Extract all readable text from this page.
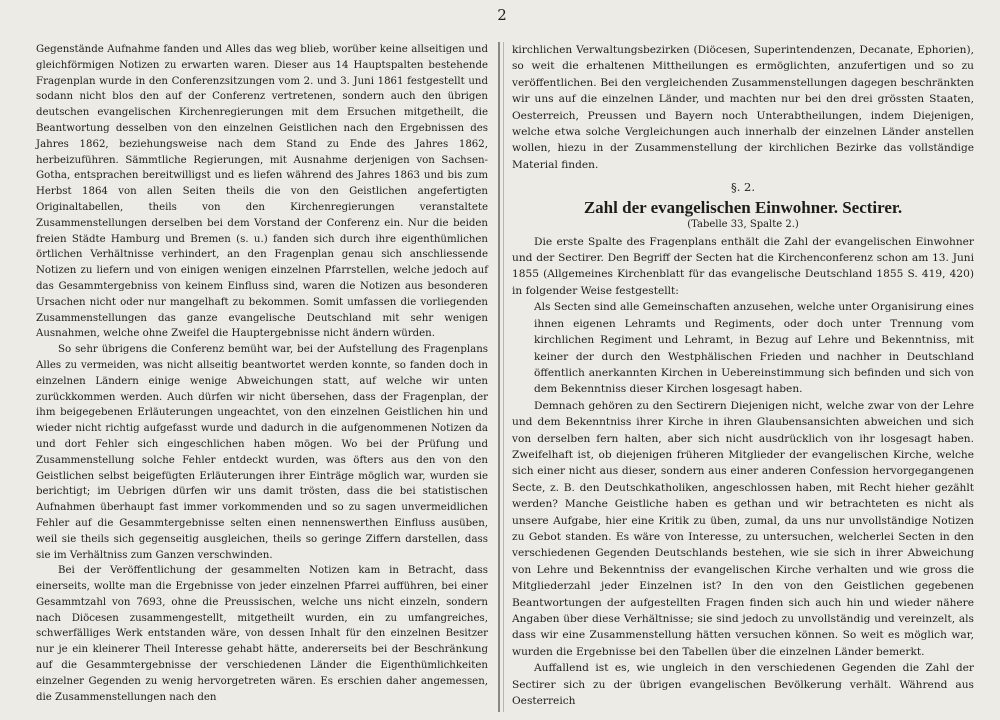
2

Gegenstände Aufnahme fanden und Alles das weg blieb, worüber keine allseitigen und gleichförmigen Notizen zu erwarten waren. Dieser aus 14 Hauptspalten bestehende Fragenplan wurde in den Conferenzsitzungen vom 2. und 3. Juni 1861 festgestellt und sodann nicht blos den auf der Conferenz vertretenen, sondern auch den übrigen deutschen evangelischen Kirchenregierungen mit dem Ersuchen mitgetheilt, die Beantwortung desselben von den einzelnen Geistlichen nach den Ergebnissen des Jahres 1862, beziehungsweise nach dem Stand zu Ende des Jahres 1862, herbeizuführen. Sämmtliche Regierungen, mit Ausnahme derjenigen von Sachsen-Gotha, entsprachen bereitwilligst und es liefen während des Jahres 1863 und bis zum Herbst 1864 von allen Seiten theils die von den Geistlichen angefertigten Originaltabellen, theils von den Kirchenregierungen veranstaltete Zusammenstellungen derselben bei dem Vorstand der Conferenz ein. Nur die beiden freien Städte Hamburg und Bremen (s. u.) fanden sich durch ihre eigenthümlichen örtlichen Verhältnisse verhindert, an den Fragenplan genau sich anschliessende Notizen zu liefern und von einigen wenigen einzelnen Pfarrstellen, welche jedoch auf das Gesammtergebniss von keinem Einfluss sind, waren die Notizen aus besonderen Ursachen nicht oder nur mangelhaft zu bekommen. Somit umfassen die vorliegenden Zusammenstellungen das ganze evangelische Deutschland mit sehr wenigen Ausnahmen, welche ohne Zweifel die Hauptergebnisse nicht ändern würden.

So sehr übrigens die Conferenz bemüht war, bei der Aufstellung des Fragenplans Alles zu vermeiden, was nicht allseitig beantwortet werden konnte, so fanden doch in einzelnen Ländern einige wenige Abweichungen statt, auf welche wir unten zurückkommen werden. Auch dürfen wir nicht übersehen, dass der Fragenplan, der ihm beigegebenen Erläuterungen ungeachtet, von den einzelnen Geistlichen hin und wieder nicht richtig aufgefasst wurde und dadurch in die aufgenommenen Notizen da und dort Fehler sich eingeschlichen haben mögen. Wo bei der Prüfung und Zusammenstellung solche Fehler entdeckt wurden, was öfters aus den von den Geistlichen selbst beigefügten Erläuterungen ihrer Einträge möglich war, wurden sie berichtigt; im Uebrigen dürfen wir uns damit trösten, dass die bei statistischen Aufnahmen überhaupt fast immer vorkommenden und so zu sagen unvermeidlichen Fehler auf die Gesammtergebnisse selten einen nennenswerthen Einfluss ausüben, weil sie theils sich gegenseitig ausgleichen, theils so geringe Ziffern darstellen, dass sie im Verhältniss zum Ganzen verschwinden.

Bei der Veröffentlichung der gesammelten Notizen kam in Betracht, dass einerseits, wollte man die Ergebnisse von jeder einzelnen Pfarrei aufführen, bei einer Gesammtzahl von 7693, ohne die Preussischen, welche uns nicht einzeln, sondern nach Diöcesen zusammengestellt, mitgetheilt wurden, ein zu umfangreiches, schwerfälliges Werk entstanden wäre, von dessen Inhalt für den einzelnen Besitzer nur je ein kleinerer Theil Interesse gehabt hätte, andererseits bei der Beschränkung auf die Gesammtergebnisse der verschiedenen Länder die Eigenthümlichkeiten einzelner Gegenden zu wenig hervorgetreten wären. Es erschien daher angemessen, die Zusammenstellungen nach den

kirchlichen Verwaltungsbezirken (Diöcesen, Superintendenzen, Decanate, Ephorien), so weit die erhaltenen Mittheilungen es ermöglichten, anzufertigen und so zu veröffentlichen. Bei den vergleichenden Zusammenstellungen dagegen beschränkten wir uns auf die einzelnen Länder, und machten nur bei den drei grössten Staaten, Oesterreich, Preussen und Bayern noch Unterabtheilungen, indem Diejenigen, welche etwa solche Vergleichungen auch innerhalb der einzelnen Länder anstellen wollen, hiezu in der Zusammenstellung der kirchlichen Bezirke das vollständige Material finden.

§. 2.
Zahl der evangelischen Einwohner. Sectirer.
(Tabelle 33, Spalte 2.)

Die erste Spalte des Fragenplans enthält die Zahl der evangelischen Einwohner und der Sectirer. Den Begriff der Secten hat die Kirchenconferenz schon am 13. Juni 1855 (Allgemeines Kirchenblatt für das evangelische Deutschland 1855 S. 419, 420) in folgender Weise festgestellt:

Als Secten sind alle Gemeinschaften anzusehen, welche unter Organisirung eines ihnen eigenen Lehramts und Regiments, oder doch unter Trennung vom kirchlichen Regiment und Lehramt, in Bezug auf Lehre und Bekenntniss, mit keiner der durch den Westphälischen Frieden und nachher in Deutschland öffentlich anerkannten Kirchen in Uebereinstimmung sich befinden und sich von dem Bekenntniss dieser Kirchen losgesagt haben.

Demnach gehören zu den Sectirern Diejenigen nicht, welche zwar von der Lehre und dem Bekenntniss ihrer Kirche in ihren Glaubensansichten abweichen und sich von derselben fern halten, aber sich nicht ausdrücklich von ihr losgesagt haben. Zweifelhaft ist, ob diejenigen früheren Mitglieder der evangelischen Kirche, welche sich einer nicht aus dieser, sondern aus einer anderen Confession hervorgegangenen Secte, z. B. den Deutschkatholiken, angeschlossen haben, mit Recht hieher gezählt werden? Manche Geistliche haben es gethan und wir betrachteten es nicht als unsere Aufgabe, hier eine Kritik zu üben, zumal, da uns nur unvollständige Notizen zu Gebot standen. Es wäre von Interesse, zu untersuchen, welcherlei Secten in den verschiedenen Gegenden Deutschlands bestehen, wie sie sich in ihrer Abweichung von Lehre und Bekenntniss der evangelischen Kirche verhalten und wie gross die Mitgliederzahl jeder Einzelnen ist? In den von den Geistlichen gegebenen Beantwortungen der aufgestellten Fragen finden sich auch hin und wieder nähere Angaben über diese Verhältnisse; sie sind jedoch zu unvollständig und vereinzelt, als dass wir eine Zusammenstellung hätten versuchen können. So weit es möglich war, wurden die Ergebnisse bei den Tabellen über die einzelnen Länder bemerkt.

Auffallend ist es, wie ungleich in den verschiedenen Gegenden die Zahl der Sectirer sich zu der übrigen evangelischen Bevölkerung verhält. Während aus Oesterreich
